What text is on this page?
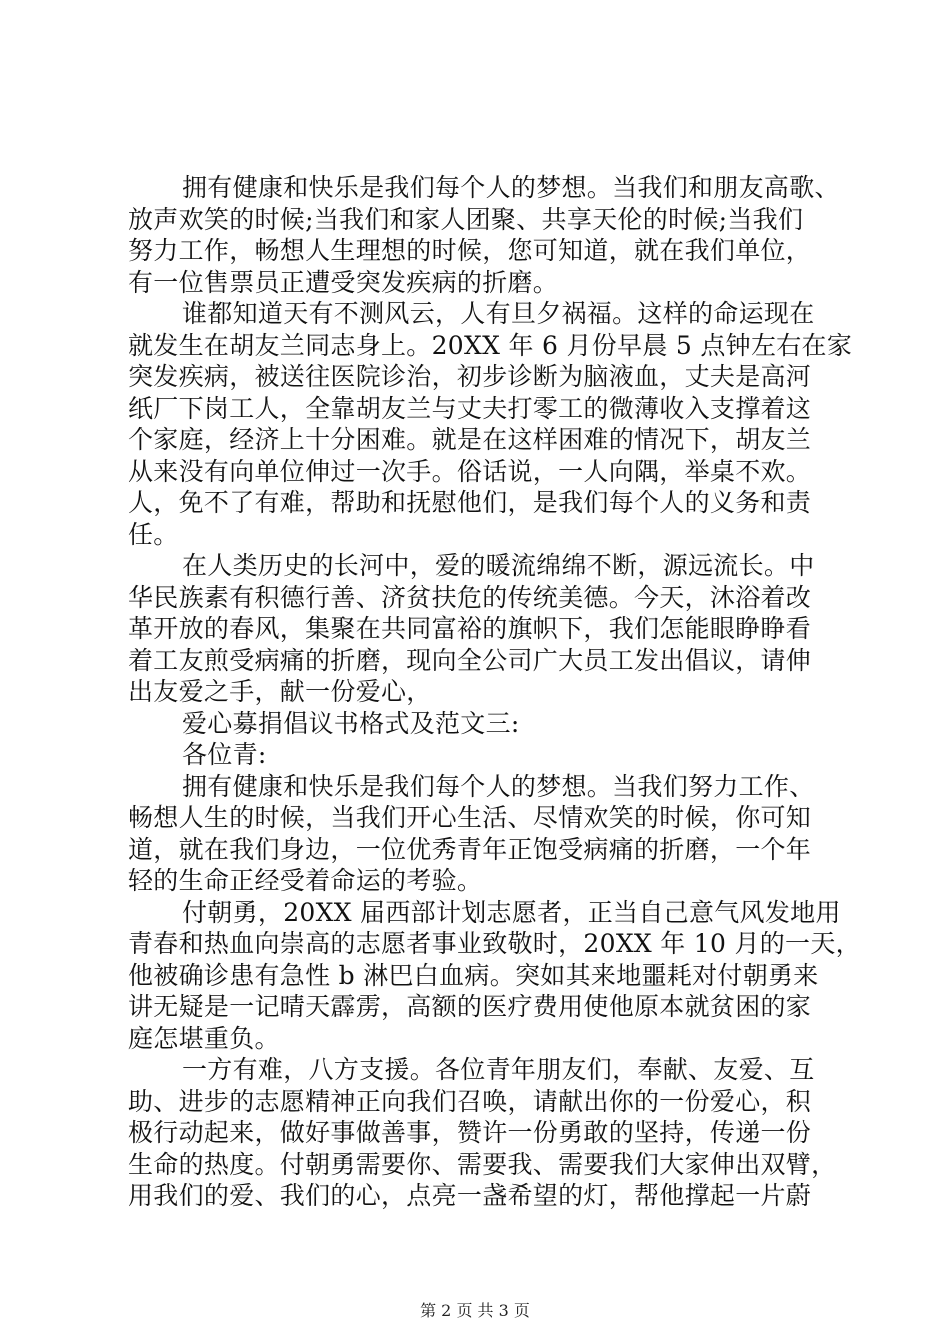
拥有健康和快乐是我们每个人的梦想。当我们和朋友高歌、
放声欢笑的时候;当我们和家人团聚、共享天伦的时候;当我们
努力工作，畅想人生理想的时候，您可知道，就在我们单位，
有一位售票员正遭受突发疾病的折磨。

谁都知道天有不测风云，人有旦夕祸福。这样的命运现在
就发生在胡友兰同志身上。20XX 年 6 月份早晨 5 点钟左右在家
突发疾病，被送往医院诊治，初步诊断为脑液血，丈夫是高河
纸厂下岗工人，全靠胡友兰与丈夫打零工的微薄收入支撑着这
个家庭，经济上十分困难。就是在这样困难的情况下，胡友兰
从来没有向单位伸过一次手。俗话说，一人向隅，举桌不欢。
人，免不了有难，帮助和抚慰他们，是我们每个人的义务和责
任。

在人类历史的长河中，爱的暖流绵绵不断，源远流长。中
华民族素有积德行善、济贫扶危的传统美德。今天，沐浴着改
革开放的春风，集聚在共同富裕的旗帜下，我们怎能眼睁睁看
着工友煎受病痛的折磨，现向全公司广大员工发出倡议，请伸
出友爱之手，献一份爱心，

爱心募捐倡议书格式及范文三:

各位青:

拥有健康和快乐是我们每个人的梦想。当我们努力工作、
畅想人生的时候，当我们开心生活、尽情欢笑的时候，你可知
道，就在我们身边，一位优秀青年正饱受病痛的折磨，一个年
轻的生命正经受着命运的考验。

付朝勇，20XX 届西部计划志愿者，正当自己意气风发地用
青春和热血向崇高的志愿者事业致敬时，20XX 年 10 月的一天，
他被确诊患有急性 b 淋巴白血病。突如其来地噩耗对付朝勇来
讲无疑是一记晴天霹雳，高额的医疗费用使他原本就贫困的家
庭怎堪重负。

一方有难，八方支援。各位青年朋友们，奉献、友爱、互
助、进步的志愿精神正向我们召唤，请献出你的一份爱心，积
极行动起来，做好事做善事，赞许一份勇敢的坚持，传递一份
生命的热度。付朝勇需要你、需要我、需要我们大家伸出双臂，
用我们的爱、我们的心，点亮一盏希望的灯，帮他撑起一片蔚

第 2 页 共 3 页
